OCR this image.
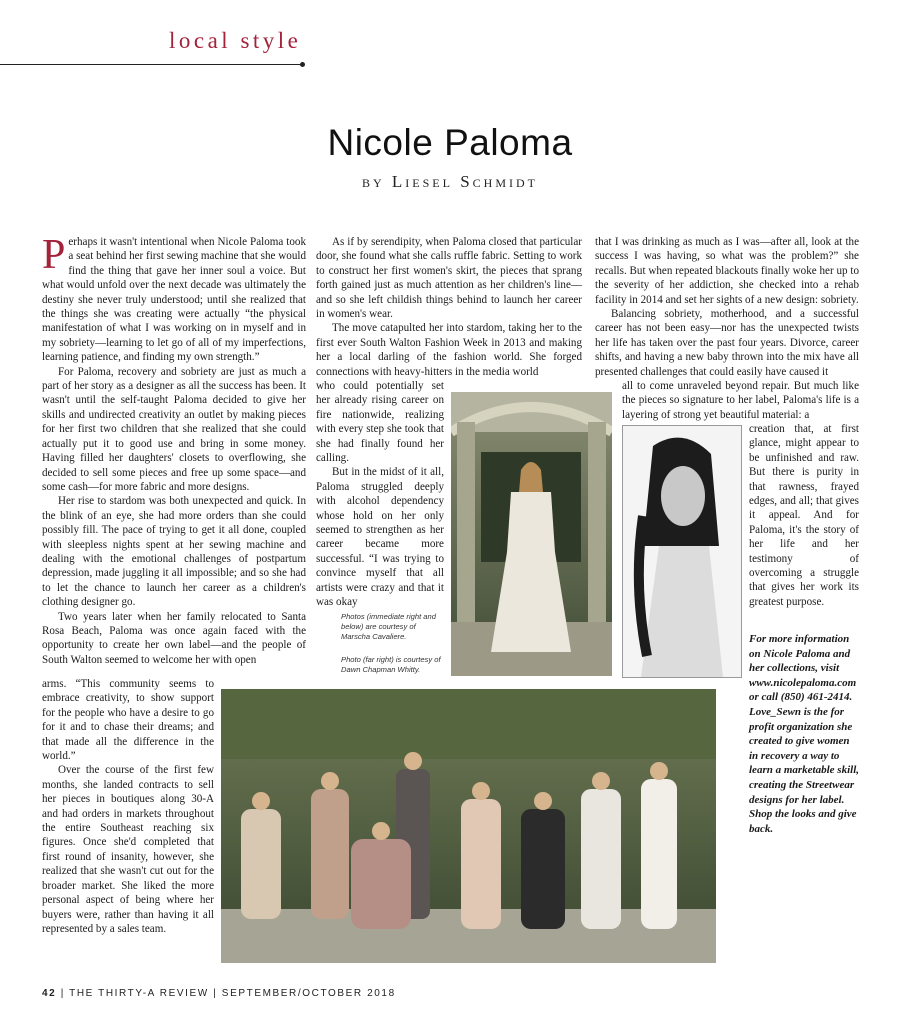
local style
Nicole Paloma
by Liesel Schmidt

Perhaps it wasn't intentional when Nicole Paloma took a seat behind her first sewing machine that she would find the thing that gave her inner soul a voice. But what would unfold over the next decade was ultimately the destiny she never truly understood; until she realized that the things she was creating were actually “the physical manifestation of what I was working on in myself and in my sobriety—learning to let go of all of my imperfections, learning patience, and finding my own strength.”

For Paloma, recovery and sobriety are just as much a part of her story as a designer as all the success has been. It wasn't until the self-taught Paloma decided to give her skills and undirected creativity an outlet by making pieces for her first two children that she realized that she could actually put it to good use and bring in some money. Having filled her daughters' closets to overflowing, she decided to sell some pieces and free up some space—and some cash—for more fabric and more designs.

Her rise to stardom was both unexpected and quick. In the blink of an eye, she had more orders than she could possibly fill. The pace of trying to get it all done, coupled with sleepless nights spent at her sewing machine and dealing with the emotional challenges of postpartum depression, made juggling it all impossible; and so she had to let the chance to launch her career as a children's clothing designer go.

Two years later when her family relocated to Santa Rosa Beach, Paloma was once again faced with the opportunity to create her own label—and the people of South Walton seemed to welcome her with open

arms. “This community seems to embrace creativity, to show support for the people who have a desire to go for it and to chase their dreams; and that made all the difference in the world.”

Over the course of the first few months, she landed contracts to sell her pieces in boutiques along 30-A and had orders in markets throughout the entire Southeast reaching six figures. Once she'd completed that first round of insanity, however, she realized that she wasn't cut out for the broader market. She liked the more personal aspect of being where her buyers were, rather than having it all represented by a sales team.

As if by serendipity, when Paloma closed that particular door, she found what she calls ruffle fabric. Setting to work to construct her first women's skirt, the pieces that sprang forth gained just as much attention as her children's line—and so she left childish things behind to launch her career in women's wear.

The move catapulted her into stardom, taking her to the first ever South Walton Fashion Week in 2013 and making her a local darling of the fashion world. She forged connections with heavy-hitters in the media world

who could potentially set her already rising career on fire nationwide, realizing with every step she took that she had finally found her calling.

But in the midst of it all, Paloma struggled deeply with alcohol dependency whose hold on her only seemed to strengthen as her career became more successful. “I was trying to convince myself that all artists were crazy and that it was okay

Photos (immediate right and below) are courtesy of Marscha Cavaliere.
Photo (far right) is courtesy of Dawn Chapman Whitty.

that I was drinking as much as I was—after all, look at the success I was having, so what was the problem?” she recalls. But when repeated blackouts finally woke her up to the severity of her addiction, she checked into a rehab facility in 2014 and set her sights of a new design: sobriety.

Balancing sobriety, motherhood, and a successful career has not been easy—nor has the unexpected twists her life has taken over the past four years. Divorce, career shifts, and having a new baby thrown into the mix have all presented challenges that could easily have caused it

all to come unraveled beyond repair. But much like the pieces so signature to her label, Paloma's life is a layering of strong yet beautiful material: a

creation that, at first glance, might appear to be unfinished and raw. But there is purity in that rawness, frayed edges, and all; that gives it appeal. And for Paloma, it's the story of her life and her testimony of overcoming a struggle that gives her work its greatest purpose.

For more information on Nicole Paloma and her collections, visit www.nicolepaloma.com or call (850) 461-2414. Love_Sewn is the for profit organization she created to give women in recovery a way to learn a marketable skill, creating the Streetwear designs for her label. Shop the looks and give back.
42 | THE THIRTY-A REVIEW | SEPTEMBER/OCTOBER 2018
